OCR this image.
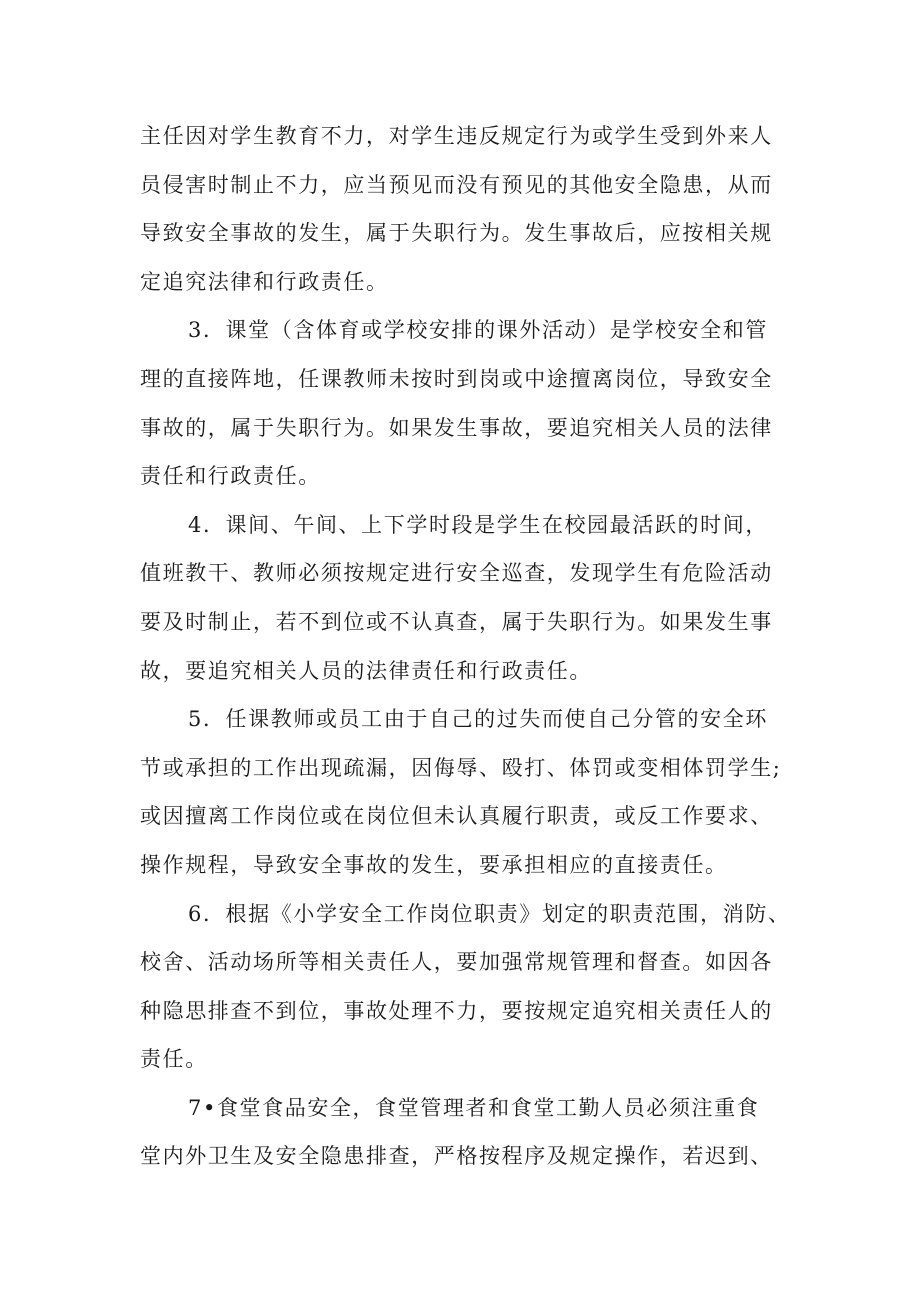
主任因对学生教育不力，对学生违反规定行为或学生受到外来人
员侵害时制止不力，应当预见而没有预见的其他安全隐患，从而
导致安全事故的发生，属于失职行为。发生事故后，应按相关规
定追究法律和行政责任。
3．课堂（含体育或学校安排的课外活动）是学校安全和管
理的直接阵地，任课教师未按时到岗或中途擅离岗位，导致安全
事故的，属于失职行为。如果发生事故，要追究相关人员的法律
责任和行政责任。
4．课间、午间、上下学时段是学生在校园最活跃的时间，
值班教干、教师必须按规定进行安全巡查，发现学生有危险活动
要及时制止，若不到位或不认真查，属于失职行为。如果发生事
故，要追究相关人员的法律责任和行政责任。
5．任课教师或员工由于自己的过失而使自己分管的安全环
节或承担的工作出现疏漏，因侮辱、殴打、体罚或变相体罚学生;
或因擅离工作岗位或在岗位但未认真履行职责，或反工作要求、
操作规程，导致安全事故的发生，要承担相应的直接责任。
6．根据《小学安全工作岗位职责》划定的职责范围，消防、
校舍、活动场所等相关责任人，要加强常规管理和督查。如因各
种隐思排查不到位，事故处理不力，要按规定追究相关责任人的
责任。
7•食堂食品安全，食堂管理者和食堂工勤人员必须注重食
堂内外卫生及安全隐患排查，严格按程序及规定操作，若迟到、
